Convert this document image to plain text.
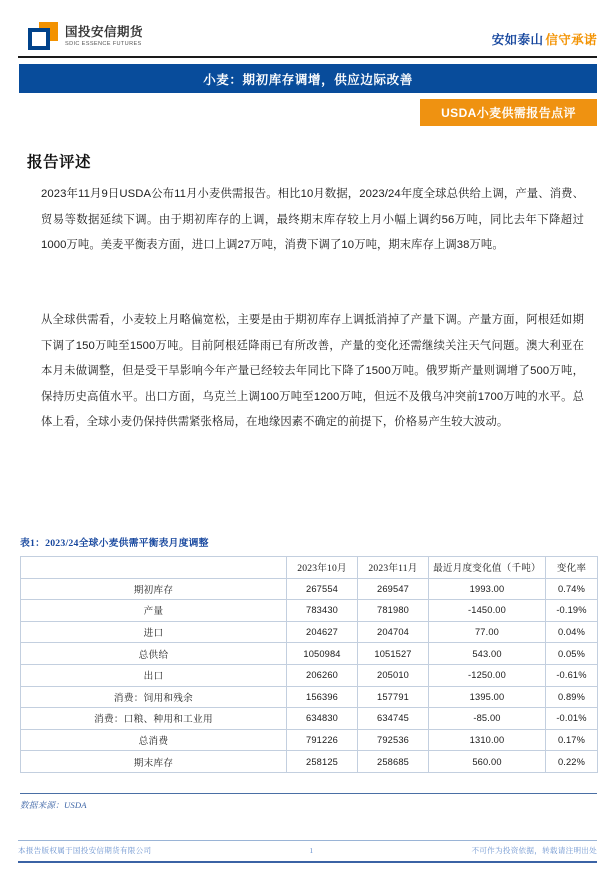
国投安信期货
SDIC ESSENCE FUTURES	安如泰山 信守承诺
小麦：期初库存调增，供应边际改善
USDA小麦供需报告点评
报告评述
2023年11月9日USDA公布11月小麦供需报告。相比10月数据，2023/24年度全球总供给上调，产量、消费、贸易等数据延续下调。由于期初库存的上调，最终期末库存较上月小幅上调约56万吨，同比去年下降超过1000万吨。美麦平衡表方面，进口上调27万吨，消费下调了10万吨，期末库存上调38万吨。
从全球供需看，小麦较上月略偏宽松，主要是由于期初库存上调抵消掉了产量下调。产量方面，阿根廷如期下调了150万吨至1500万吨。目前阿根廷降雨已有所改善，产量的变化还需继续关注天气问题。澳大利亚在本月未做调整，但是受干旱影响今年产量已经较去年同比下降了1500万吨。俄罗斯产量则调增了500万吨，保持历史高值水平。出口方面，乌克兰上调100万吨至1200万吨，但远不及俄乌冲突前1700万吨的水平。总体上看，全球小麦仍保持供需紧张格局，在地缘因素不确定的前提下，价格易产生较大波动。
表1：2023/24全球小麦供需平衡表月度调整
	2023年10月	2023年11月	最近月度变化值（千吨）	变化率
期初库存	267554	269547	1993.00	0.74%
产量	783430	781980	-1450.00	-0.19%
进口	204627	204704	77.00	0.04%
总供给	1050984	1051527	543.00	0.05%
出口	206260	205010	-1250.00	-0.61%
消费：饲用和残余	156396	157791	1395.00	0.89%
消费：口粮、种用和工业用	634830	634745	-85.00	-0.01%
总消费	791226	792536	1310.00	0.17%
期末库存	258125	258685	560.00	0.22%
数据来源：USDA
本报告版权属于国投安信期货有限公司	1	不可作为投资依据，转载请注明出处
